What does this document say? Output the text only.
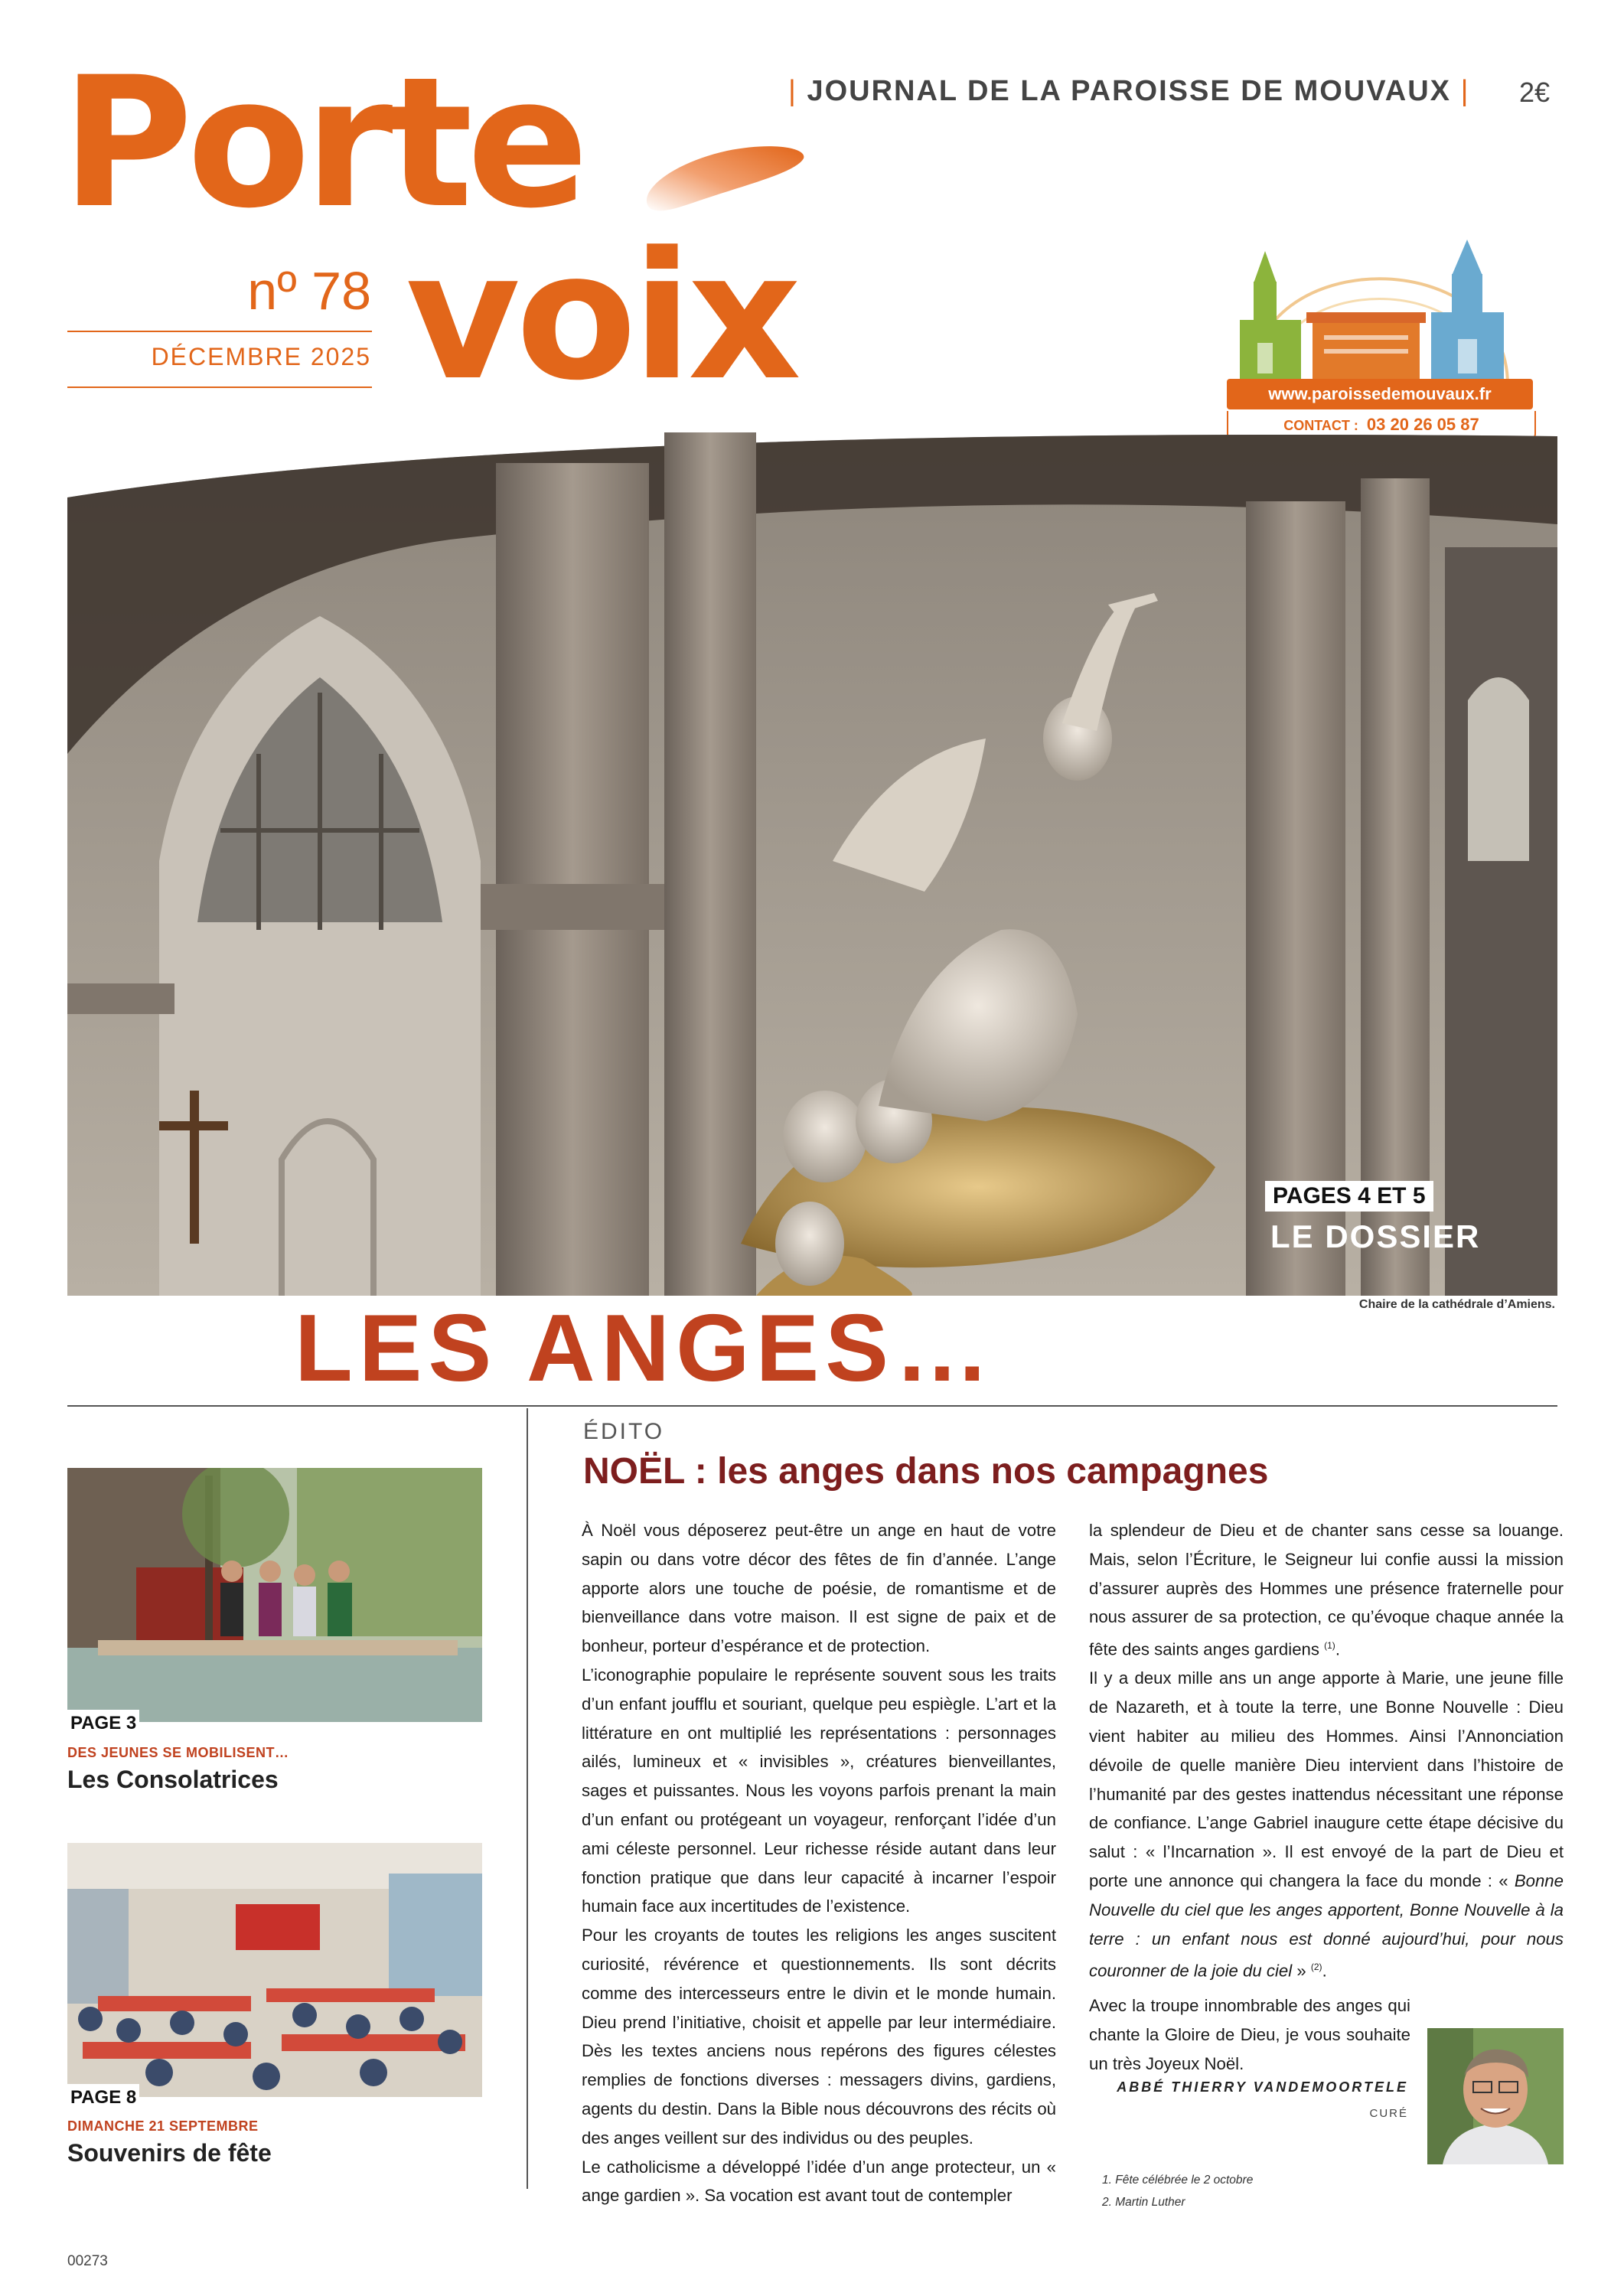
Porte
nº 78
DÉCEMBRE 2025 voix
| JOURNAL DE LA PAROISSE DE MOUVAUX | 2€
www.paroissedemouvaux.fr
CONTACT : 03 20 26 05 87
PAGES 4 ET 5
LE DOSSIER
Chaire de la cathédrale d’Amiens.
LES ANGES…
PAGE 3
DES JEUNES SE MOBILISENT…
Les Consolatrices
PAGE 8
DIMANCHE 21 SEPTEMBRE
Souvenirs de fête
ÉDITO
NOËL : les anges dans nos campagnes

À Noël vous déposerez peut-être un ange en haut de votre sapin ou dans votre décor des fêtes de fin d’année. L’ange apporte alors une touche de poésie, de romantisme et de bienveillance dans votre maison. Il est signe de paix et de bonheur, porteur d’espérance et de protection.

L’iconographie populaire le représente souvent sous les traits d’un enfant joufflu et souriant, quelque peu espiègle. L’art et la littérature en ont multiplié les représentations : personnages ailés, lumineux et « invisibles », créatures bienveillantes, sages et puissantes. Nous les voyons parfois prenant la main d’un enfant ou protégeant un voyageur, renforçant l’idée d’un ami céleste personnel. Leur richesse réside autant dans leur fonction pratique que dans leur capacité à incarner l’espoir humain face aux incertitudes de l’existence.

Pour les croyants de toutes les religions les anges suscitent curiosité, révérence et questionnements. Ils sont décrits comme des intercesseurs entre le divin et le monde humain. Dieu prend l’initiative, choisit et appelle par leur intermédiaire. Dès les textes anciens nous repérons des figures célestes remplies de fonctions diverses : messagers divins, gardiens, agents du destin. Dans la Bible nous découvrons des récits où des anges veillent sur des individus ou des peuples.

Le catholicisme a développé l’idée d’un ange protecteur, un « ange gardien ». Sa vocation est avant tout de contempler

la splendeur de Dieu et de chanter sans cesse sa louange. Mais, selon l’Écriture, le Seigneur lui confie aussi la mission d’assurer auprès des Hommes une présence fraternelle pour nous assurer de sa protection, ce qu’évoque chaque année la fête des saints anges gardiens $^{(1)}$.

Il y a deux mille ans un ange apporte à Marie, une jeune fille de Nazareth, et à toute la terre, une Bonne Nouvelle : Dieu vient habiter au milieu des Hommes. Ainsi l’Annonciation dévoile de quelle manière Dieu intervient dans l’histoire de l’humanité par des gestes inattendus nécessitant une réponse de confiance. L’ange Gabriel inaugure cette étape décisive du salut : « l’Incarnation ». Il est envoyé de la part de Dieu et porte une annonce qui changera la face du monde : « Bonne Nouvelle du ciel que les anges apportent, Bonne Nouvelle à la terre : un enfant nous est donné aujourd’hui, pour nous couronner de la joie du ciel » $^{(2)}$.

Avec la troupe innombrable des anges qui chante la Gloire de Dieu, je vous souhaite un très Joyeux Noël.

ABBÉ THIERRY VANDEMOORTELE
CURÉ
1. Fête célébrée le 2 octobre
2. Martin Luther
00273
